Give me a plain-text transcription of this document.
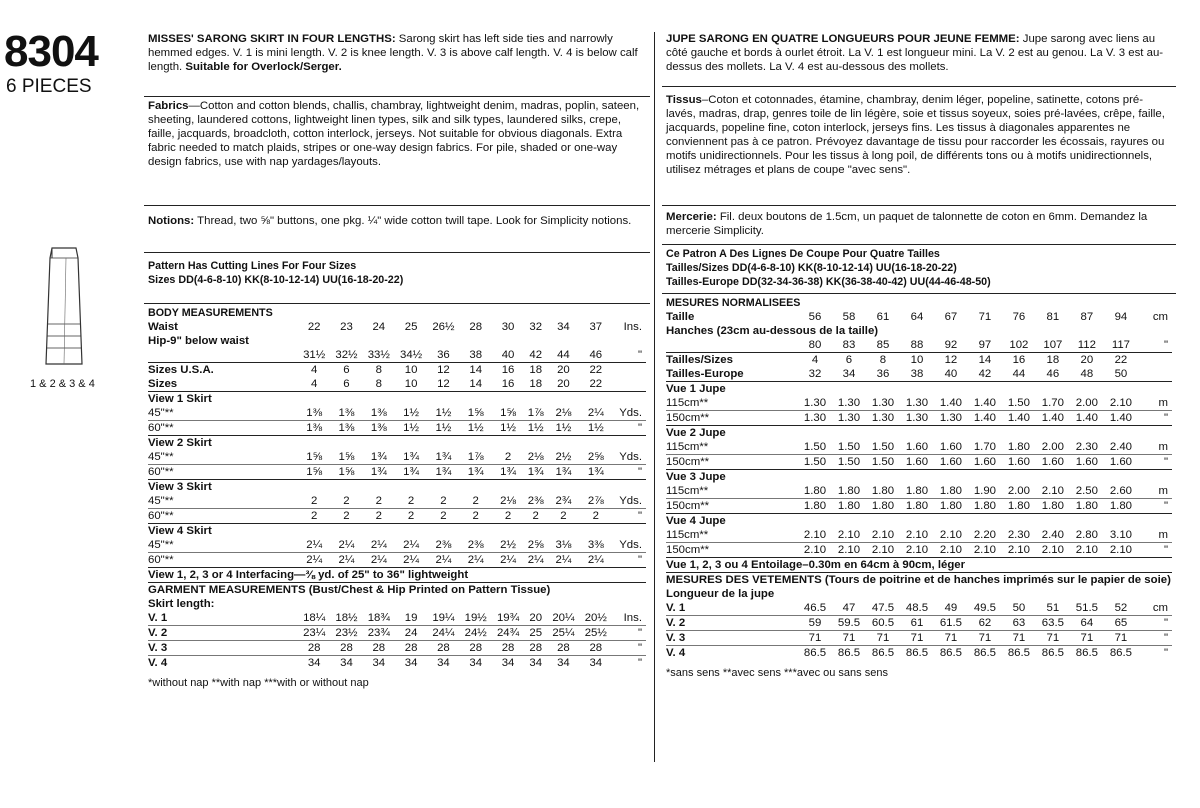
8304
6 PIECES
1 & 2 & 3 & 4
MISSES' SARONG SKIRT IN FOUR LENGTHS: Sarong skirt has left side ties and narrowly hemmed edges. V. 1 is mini length. V. 2 is knee length. V. 3 is above calf length. V. 4 is below calf length. Suitable for Overlock/Serger.
Fabrics—Cotton and cotton blends, challis, chambray, lightweight denim, madras, poplin, sateen, sheeting, laundered cottons, lightweight linen types, silk and silk types, laundered silks, crepe, faille, jacquards, broadcloth, cotton interlock, jerseys. Not suitable for obvious diagonals. Extra fabric needed to match plaids, stripes or one-way design fabrics. For pile, shaded or one-way design fabrics, use with nap yardages/layouts.
Notions: Thread, two ⅝" buttons, one pkg. ¼" wide cotton twill tape. Look for Simplicity notions.
Pattern Has Cutting Lines For Four Sizes
Sizes DD(4-6-8-10) KK(8-10-12-14) UU(16-18-20-22)
BODY MEASUREMENTS
Waist	22	23	24	25	26½	28	30	32	34	37	Ins.
Hip-9" below waist											
	31½	32½	33½	34½	36	38	40	42	44	46	"
Sizes U.S.A.	4	6	8	10	12	14	16	18	20	22	
Sizes	4	6	8	10	12	14	16	18	20	22	
View 1 Skirt											
45"**	1⅜	1⅜	1⅜	1½	1½	1⅝	1⅝	1⅞	2⅛	2¼	Yds.
60"**	1⅜	1⅜	1⅜	1½	1½	1½	1½	1½	1½	1½	"
View 2 Skirt											
45"**	1⅝	1⅝	1¾	1¾	1¾	1⅞	2	2⅛	2½	2⅝	Yds.
60"**	1⅝	1⅝	1¾	1¾	1¾	1¾	1¾	1¾	1¾	1¾	"
View 3 Skirt											
45"**	2	2	2	2	2	2	2⅛	2⅜	2¾	2⅞	Yds.
60"**	2	2	2	2	2	2	2	2	2	2	"
View 4 Skirt											
45"**	2¼	2¼	2¼	2¼	2⅜	2⅜	2½	2⅝	3⅛	3⅜	Yds.
60"**	2¼	2¼	2¼	2¼	2¼	2¼	2¼	2¼	2¼	2¼	"
View 1, 2, 3 or 4 Interfacing—⅜ yd. of 25" to 36" lightweight											
GARMENT MEASUREMENTS (Bust/Chest & Hip Printed on Pattern Tissue)											
Skirt length:											
V. 1	18¼	18½	18¾	19	19¼	19½	19¾	20	20¼	20½	Ins.
V. 2	23¼	23½	23¾	24	24¼	24½	24¾	25	25¼	25½	"
V. 3	28	28	28	28	28	28	28	28	28	28	"
V. 4	34	34	34	34	34	34	34	34	34	34	"
*without nap **with nap ***with or without nap
JUPE SARONG EN QUATRE LONGUEURS POUR JEUNE FEMME: Jupe sarong avec liens au côté gauche et bords à ourlet étroit. La V. 1 est longueur mini. La V. 2 est au genou. La V. 3 est au-dessus des mollets. La V. 4 est au-dessous des mollets.
Tissus–Coton et cotonnades, étamine, chambray, denim léger, popeline, satinette, cotons pré-lavés, madras, drap, genres toile de lin légère, soie et tissus soyeux, soies pré-lavées, crêpe, faille, jacquards, popeline fine, coton interlock, jerseys fins. Les tissus à diagonales apparentes ne conviennent pas à ce patron. Prévoyez davantage de tissu pour raccorder les écossais, rayures ou motifs unidirectionnels. Pour les tissus à long poil, de différents tons ou à motifs unidirectionnels, utilisez métrages et plans de coupe "avec sens".
Mercerie: Fil. deux boutons de 1.5cm, un paquet de talonnette de coton en 6mm. Demandez la mercerie Simplicity.
Ce Patron A Des Lignes De Coupe Pour Quatre Tailles
Tailles/Sizes DD(4-6-8-10) KK(8-10-12-14) UU(16-18-20-22)
Tailles-Europe DD(32-34-36-38) KK(36-38-40-42) UU(44-46-48-50)
MESURES NORMALISEES
Taille	56	58	61	64	67	71	76	81	87	94	cm
Hanches (23cm au-dessous de la taille)											
	80	83	85	88	92	97	102	107	112	117	"
Tailles/Sizes	4	6	8	10	12	14	16	18	20	22	
Tailles-Europe	32	34	36	38	40	42	44	46	48	50	
Vue 1 Jupe											
115cm**	1.30	1.30	1.30	1.30	1.40	1.40	1.50	1.70	2.00	2.10	m
150cm**	1.30	1.30	1.30	1.30	1.30	1.40	1.40	1.40	1.40	1.40	"
Vue 2 Jupe											
115cm**	1.50	1.50	1.50	1.60	1.60	1.70	1.80	2.00	2.30	2.40	m
150cm**	1.50	1.50	1.50	1.60	1.60	1.60	1.60	1.60	1.60	1.60	"
Vue 3 Jupe											
115cm**	1.80	1.80	1.80	1.80	1.80	1.90	2.00	2.10	2.50	2.60	m
150cm**	1.80	1.80	1.80	1.80	1.80	1.80	1.80	1.80	1.80	1.80	"
Vue 4 Jupe											
115cm**	2.10	2.10	2.10	2.10	2.10	2.20	2.30	2.40	2.80	3.10	m
150cm**	2.10	2.10	2.10	2.10	2.10	2.10	2.10	2.10	2.10	2.10	"
Vue 1, 2, 3 ou 4 Entoilage–0.30m en 64cm à 90cm, léger											
MESURES DES VETEMENTS (Tours de poitrine et de hanches imprimés sur le papier de soie)											
Longueur de la jupe											
V. 1	46.5	47	47.5	48.5	49	49.5	50	51	51.5	52	cm
V. 2	59	59.5	60.5	61	61.5	62	63	63.5	64	65	"
V. 3	71	71	71	71	71	71	71	71	71	71	"
V. 4	86.5	86.5	86.5	86.5	86.5	86.5	86.5	86.5	86.5	86.5	"
*sans sens **avec sens ***avec ou sans sens
